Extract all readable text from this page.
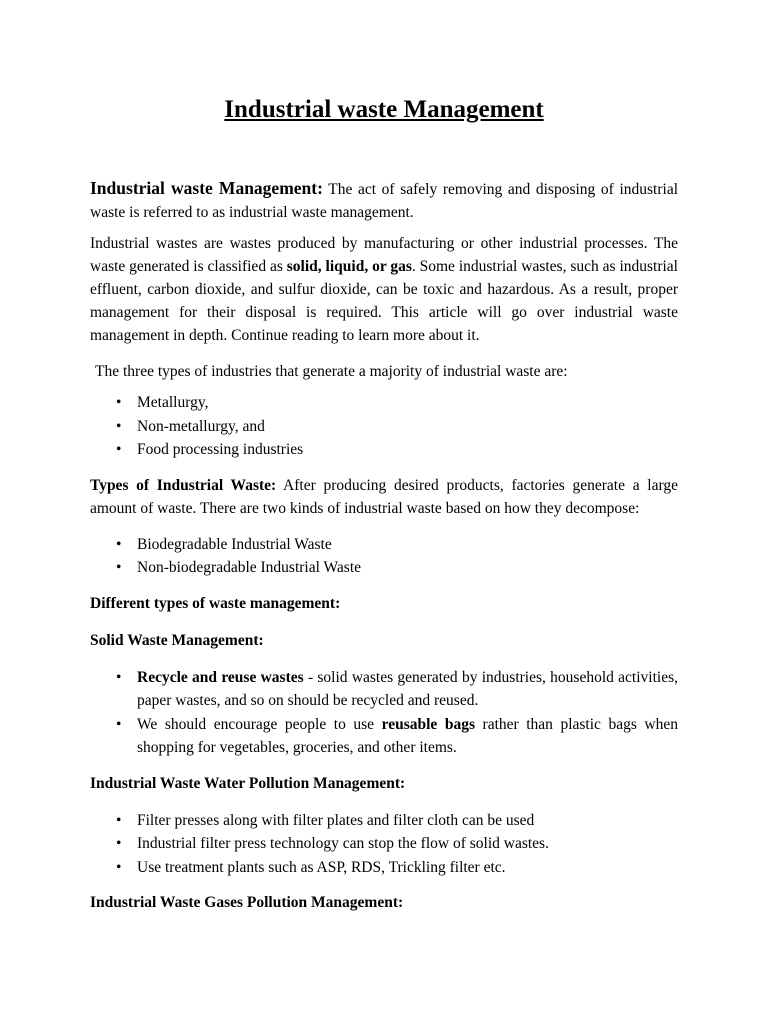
Industrial waste Management

Industrial waste Management: The act of safely removing and disposing of industrial waste is referred to as industrial waste management.

Industrial wastes are wastes produced by manufacturing or other industrial processes. The waste generated is classified as solid, liquid, or gas. Some industrial wastes, such as industrial effluent, carbon dioxide, and sulfur dioxide, can be toxic and hazardous. As a result, proper management for their disposal is required. This article will go over industrial waste management in depth. Continue reading to learn more about it.

The three types of industries that generate a majority of industrial waste are:

• Metallurgy,
• Non-metallurgy, and
• Food processing industries

Types of Industrial Waste: After producing desired products, factories generate a large amount of waste. There are two kinds of industrial waste based on how they decompose:

• Biodegradable Industrial Waste
• Non-biodegradable Industrial Waste

Different types of waste management:

Solid Waste Management:

• Recycle and reuse wastes - solid wastes generated by industries, household activities, paper wastes, and so on should be recycled and reused.
• We should encourage people to use reusable bags rather than plastic bags when shopping for vegetables, groceries, and other items.

Industrial Waste Water Pollution Management:

• Filter presses along with filter plates and filter cloth can be used
• Industrial filter press technology can stop the flow of solid wastes.
• Use treatment plants such as ASP, RDS, Trickling filter etc.

Industrial Waste Gases Pollution Management:
